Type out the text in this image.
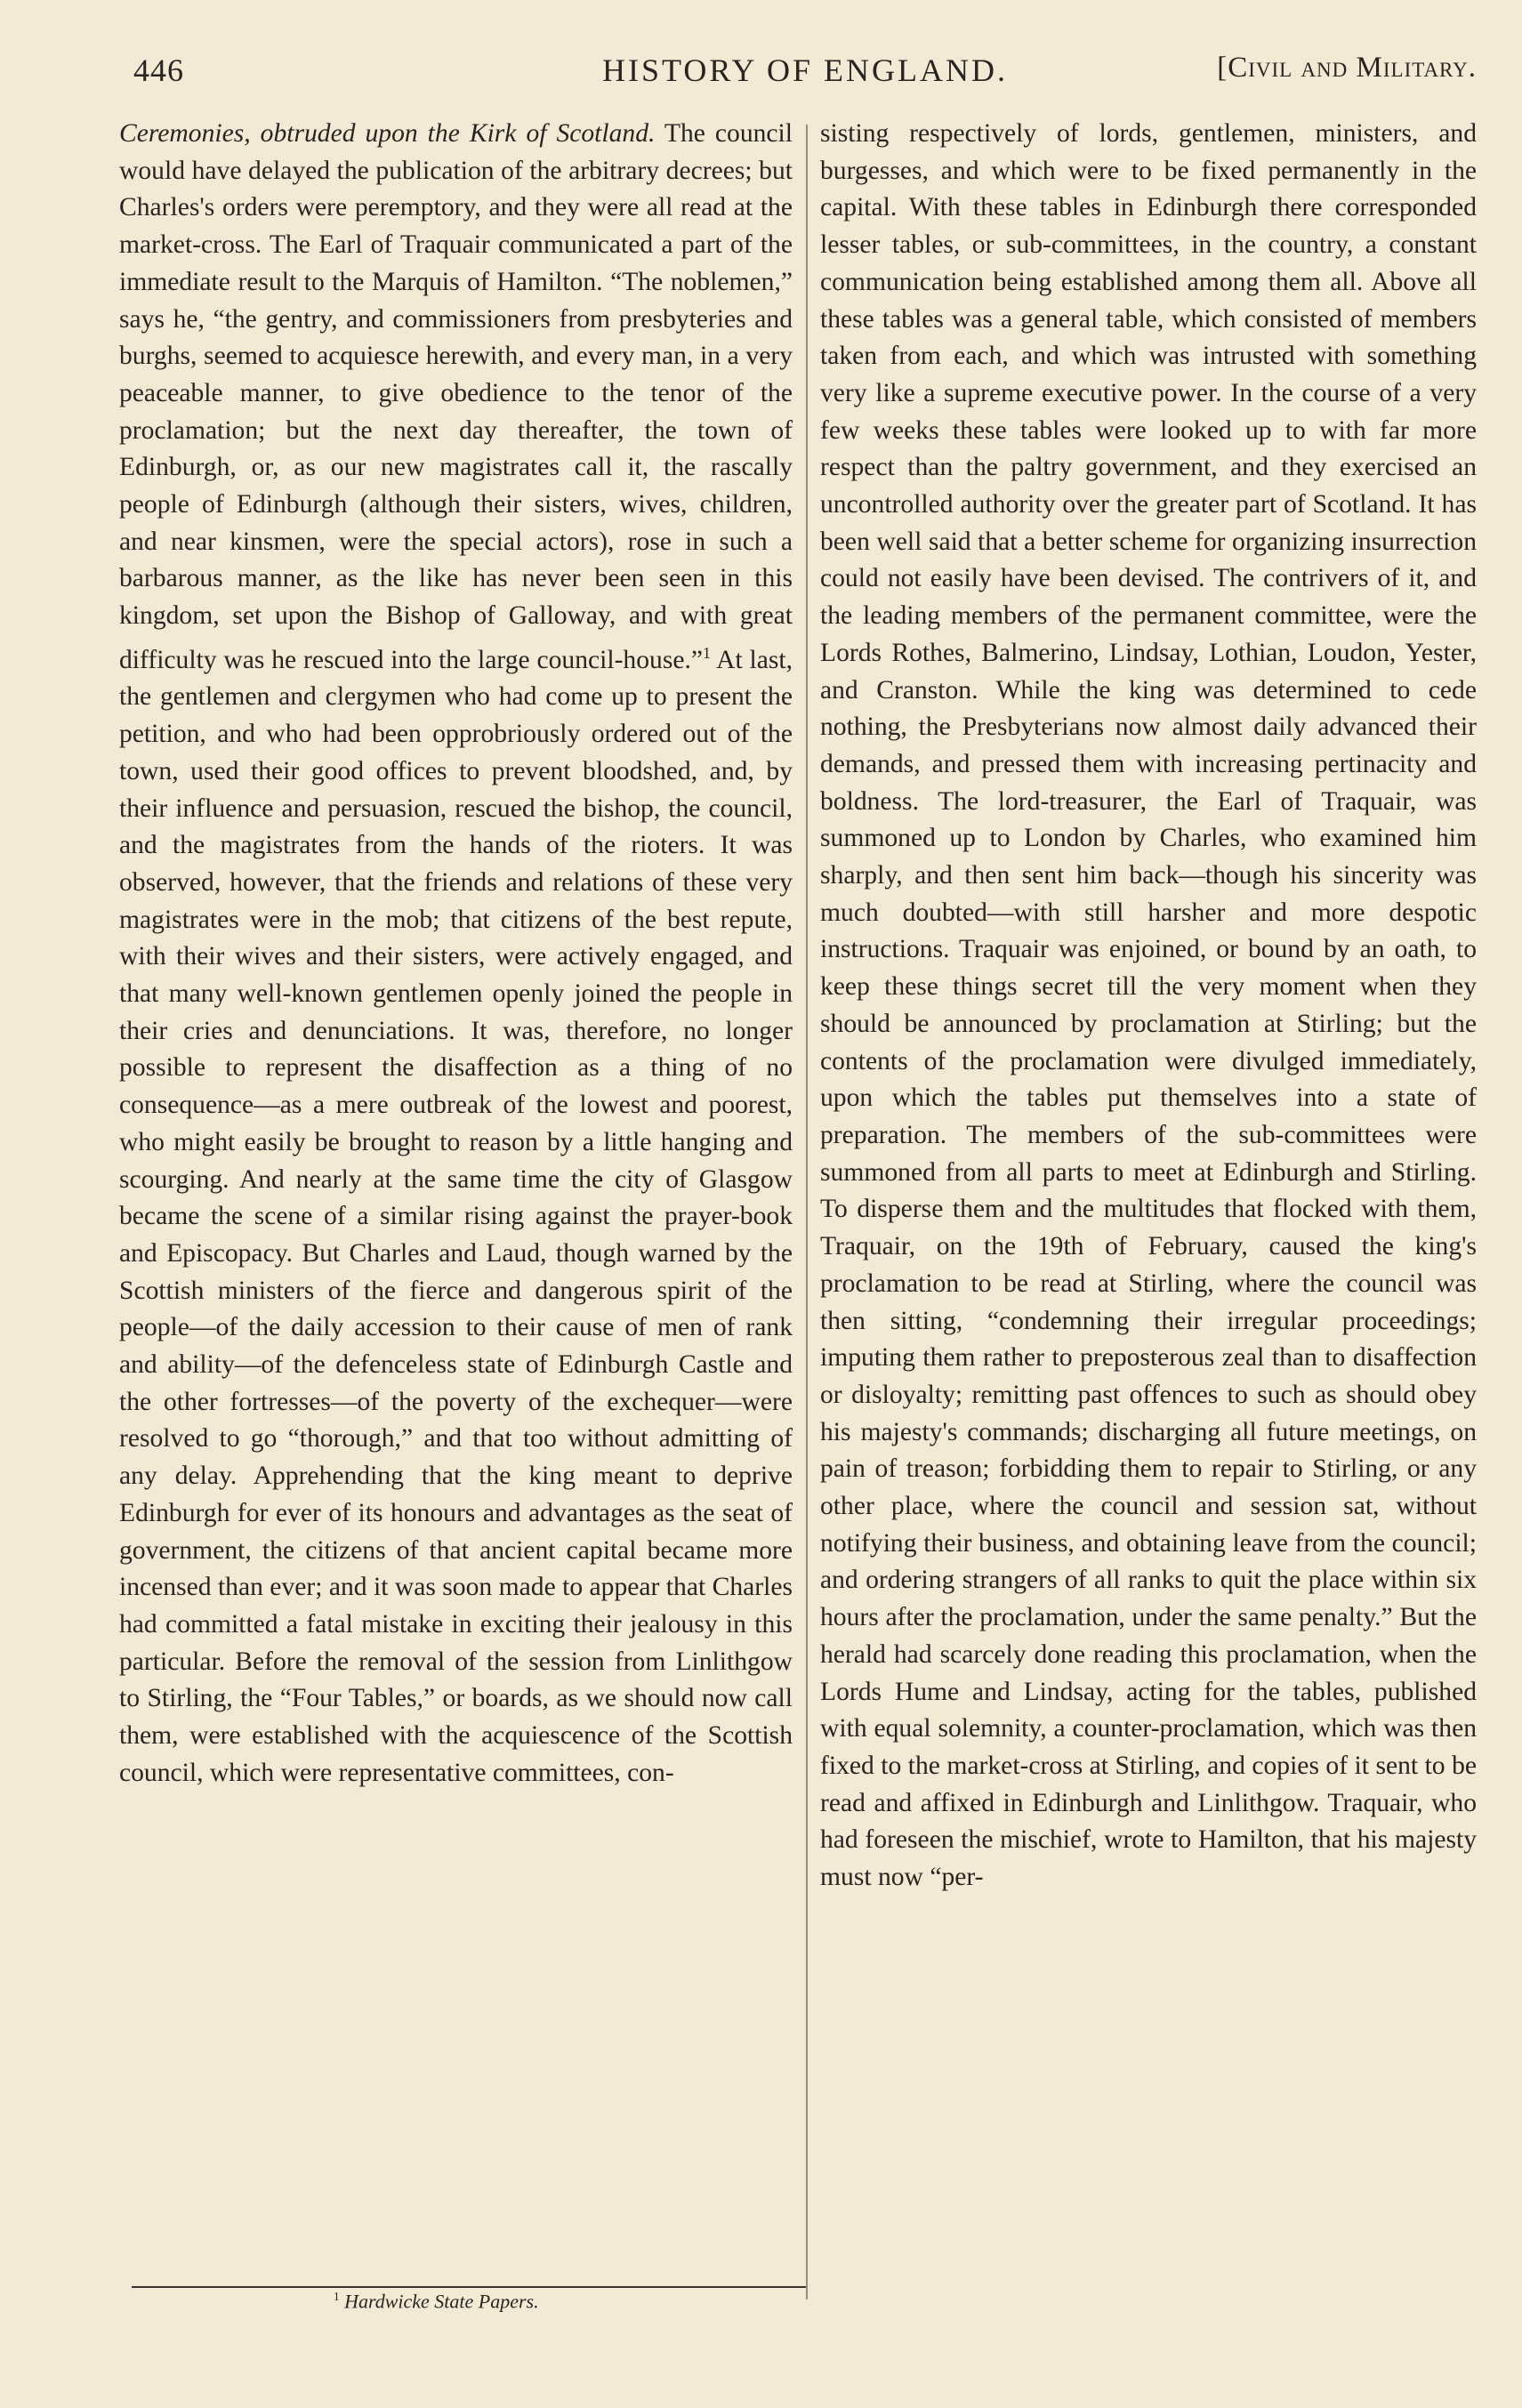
446	HISTORY OF ENGLAND.	[Civil and Military.

Ceremonies, obtruded upon the Kirk of Scotland. The council would have delayed the publication of the arbitrary decrees; but Charles's orders were peremptory, and they were all read at the market-cross. The Earl of Traquair communicated a part of the immediate result to the Marquis of Hamilton. “The noblemen,” says he, “the gentry, and commissioners from presbyteries and burghs, seemed to acquiesce herewith, and every man, in a very peaceable manner, to give obedience to the tenor of the proclamation; but the next day thereafter, the town of Edinburgh, or, as our new magistrates call it, the rascally people of Edinburgh (although their sisters, wives, children, and near kinsmen, were the special actors), rose in such a barbarous manner, as the like has never been seen in this kingdom, set upon the Bishop of Galloway, and with great difficulty was he rescued into the large council-house.”$^1$ At last, the gentlemen and clergymen who had come up to present the petition, and who had been opprobriously ordered out of the town, used their good offices to prevent bloodshed, and, by their influence and persuasion, rescued the bishop, the council, and the magistrates from the hands of the rioters. It was observed, however, that the friends and relations of these very magistrates were in the mob; that citizens of the best repute, with their wives and their sisters, were actively engaged, and that many well-known gentlemen openly joined the people in their cries and denunciations. It was, therefore, no longer possible to represent the disaffection as a thing of no consequence—as a mere outbreak of the lowest and poorest, who might easily be brought to reason by a little hanging and scourging. And nearly at the same time the city of Glasgow became the scene of a similar rising against the prayer-book and Episcopacy. But Charles and Laud, though warned by the Scottish ministers of the fierce and dangerous spirit of the people—of the daily accession to their cause of men of rank and ability—of the defenceless state of Edinburgh Castle and the other fortresses—of the poverty of the exchequer—were resolved to go “thorough,” and that too without admitting of any delay. Apprehending that the king meant to deprive Edinburgh for ever of its honours and advantages as the seat of government, the citizens of that ancient capital became more incensed than ever; and it was soon made to appear that Charles had committed a fatal mistake in exciting their jealousy in this particular. Before the removal of the session from Linlithgow to Stirling, the “Four Tables,” or boards, as we should now call them, were established with the acquiescence of the Scottish council, which were representative committees, con-

sisting respectively of lords, gentlemen, ministers, and burgesses, and which were to be fixed permanently in the capital. With these tables in Edinburgh there corresponded lesser tables, or sub-committees, in the country, a constant communication being established among them all. Above all these tables was a general table, which consisted of members taken from each, and which was intrusted with something very like a supreme executive power. In the course of a very few weeks these tables were looked up to with far more respect than the paltry government, and they exercised an uncontrolled authority over the greater part of Scotland. It has been well said that a better scheme for organizing insurrection could not easily have been devised. The contrivers of it, and the leading members of the permanent committee, were the Lords Rothes, Balmerino, Lindsay, Lothian, Loudon, Yester, and Cranston. While the king was determined to cede nothing, the Presbyterians now almost daily advanced their demands, and pressed them with increasing pertinacity and boldness. The lord-treasurer, the Earl of Traquair, was summoned up to London by Charles, who examined him sharply, and then sent him back—though his sincerity was much doubted—with still harsher and more despotic instructions. Traquair was enjoined, or bound by an oath, to keep these things secret till the very moment when they should be announced by proclamation at Stirling; but the contents of the proclamation were divulged immediately, upon which the tables put themselves into a state of preparation. The members of the sub-committees were summoned from all parts to meet at Edinburgh and Stirling. To disperse them and the multitudes that flocked with them, Traquair, on the 19th of February, caused the king's proclamation to be read at Stirling, where the council was then sitting, “condemning their irregular proceedings; imputing them rather to preposterous zeal than to disaffection or disloyalty; remitting past offences to such as should obey his majesty's commands; discharging all future meetings, on pain of treason; forbidding them to repair to Stirling, or any other place, where the council and session sat, without notifying their business, and obtaining leave from the council; and ordering strangers of all ranks to quit the place within six hours after the proclamation, under the same penalty.” But the herald had scarcely done reading this proclamation, when the Lords Hume and Lindsay, acting for the tables, published with equal solemnity, a counter-proclamation, which was then fixed to the market-cross at Stirling, and copies of it sent to be read and affixed in Edinburgh and Linlithgow. Traquair, who had foreseen the mischief, wrote to Hamilton, that his majesty must now “per-

$^1$ Hardwicke State Papers.
